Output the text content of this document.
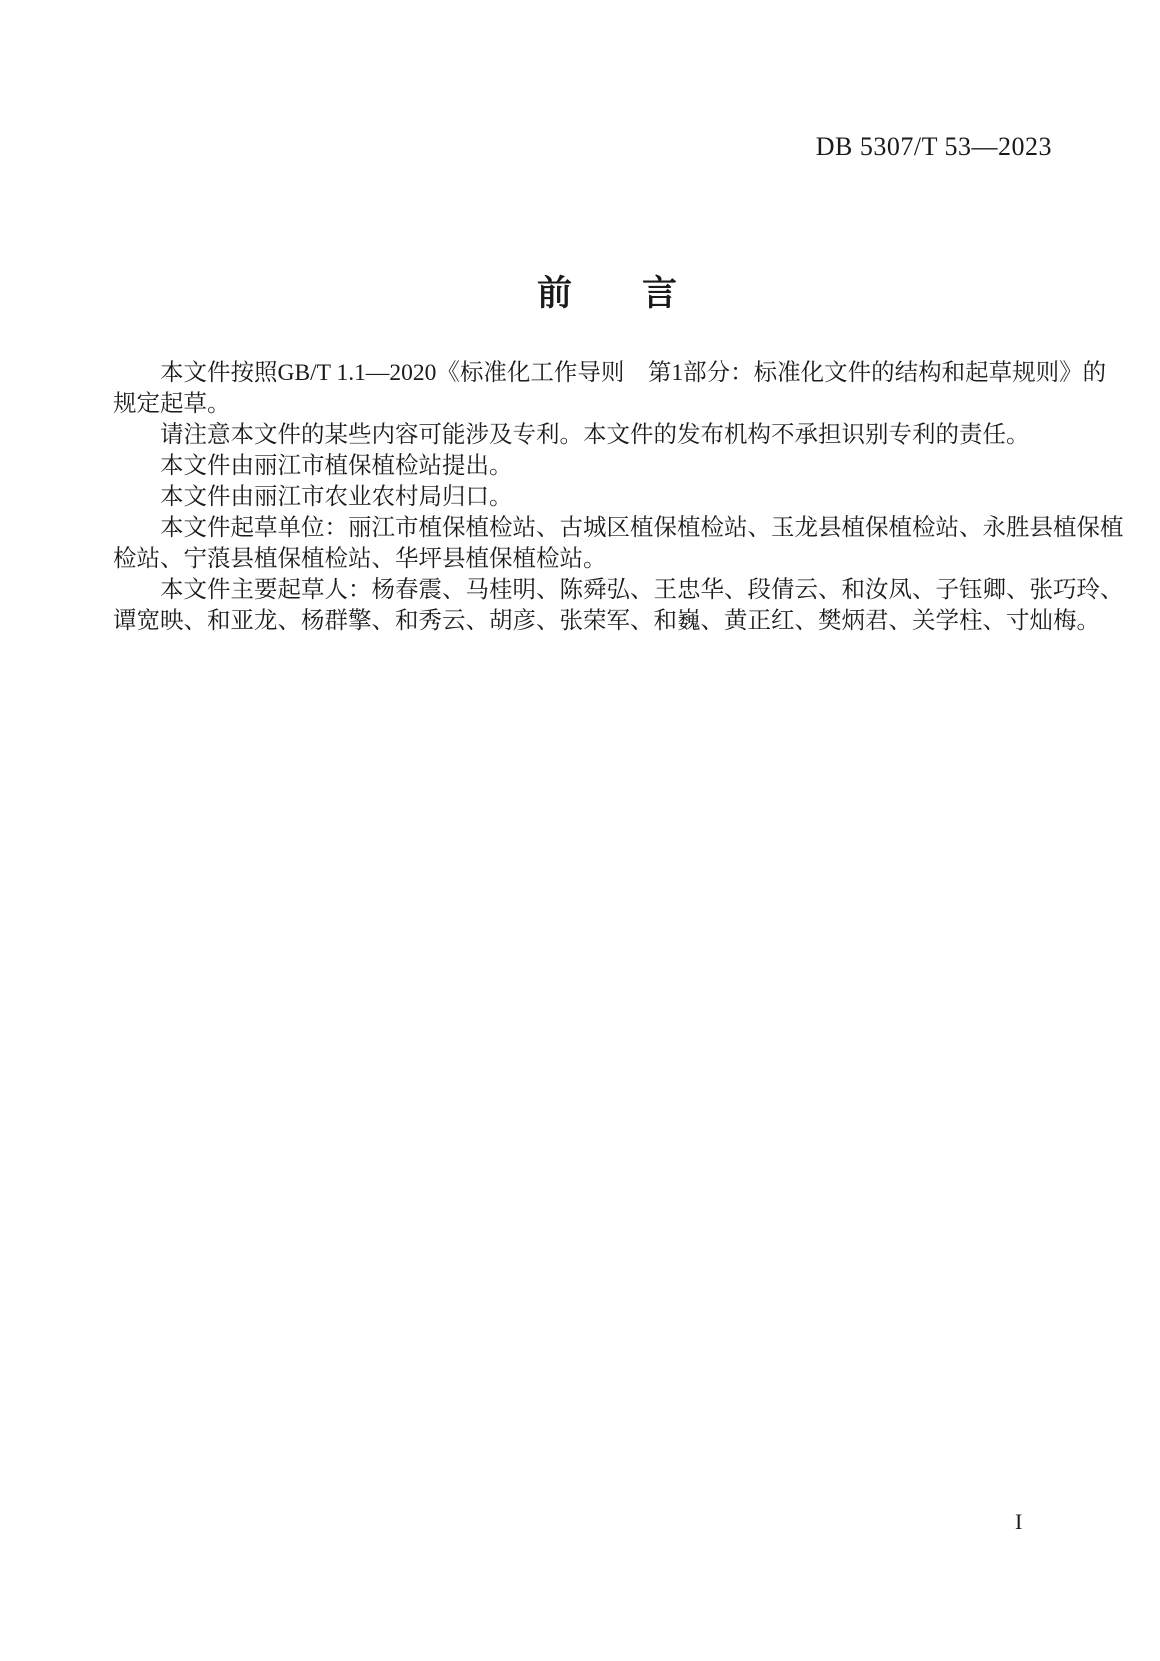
DB 5307/T 53—2023
前　　言
本文件按照GB/T 1.1—2020《标准化工作导则　第1部分：标准化文件的结构和起草规则》的
规定起草。
请注意本文件的某些内容可能涉及专利。本文件的发布机构不承担识别专利的责任。
本文件由丽江市植保植检站提出。
本文件由丽江市农业农村局归口。
本文件起草单位：丽江市植保植检站、古城区植保植检站、玉龙县植保植检站、永胜县植保植
检站、宁蒗县植保植检站、华坪县植保植检站。
本文件主要起草人：杨春震、马桂明、陈舜弘、王忠华、段倩云、和汝凤、子钰卿、张巧玲、
谭宽映、和亚龙、杨群擎、和秀云、胡彦、张荣军、和巍、黄正红、樊炳君、关学柱、寸灿梅。
I
